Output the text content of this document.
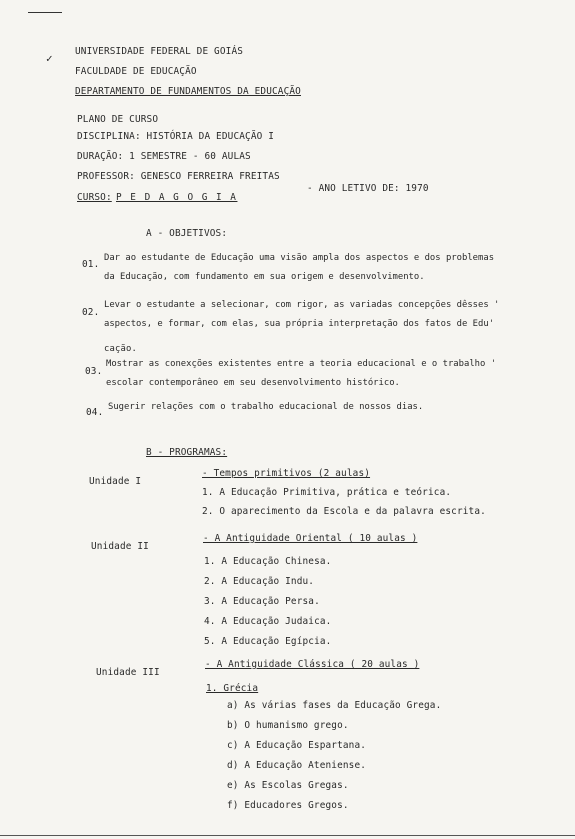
✓
UNIVERSIDADE FEDERAL DE GOIÁS
FACULDADE DE EDUCAÇÃO
DEPARTAMENTO DE FUNDAMENTOS DA EDUCAÇÃO
PLANO DE CURSO
DISCIPLINA: HISTÓRIA DA EDUCAÇÃO I
DURAÇÃO: 1 SEMESTRE - 60 AULAS
PROFESSOR: GENESCO FERREIRA FREITAS
CURSO: P E D A G O G I A
- ANO LETIVO DE: 1970
A - OBJETIVOS:
01.
Dar ao estudante de Educação uma visão ampla dos aspectos e dos problemas
da Educação, com fundamento em sua origem e desenvolvimento.
02.
Levar o estudante a selecionar, com rigor, as variadas concepções dêsses '
aspectos, e formar, com elas, sua própria interpretação dos fatos de Edu'
cação.
03.
Mostrar as conexções existentes entre a teoria educacional e o trabalho '
escolar contemporâneo em seu desenvolvimento histórico.
04. Sugerir relações com o trabalho educacional de nossos dias.
B - PROGRAMAS:
Unidade I
- Tempos primitivos (2 aulas)
1. A Educação Primitiva, prática e teórica.
2. O aparecimento da Escola e da palavra escrita.
Unidade II
- A Antiguidade Oriental ( 10 aulas )
1. A Educação Chinesa.
2. A Educação Indu.
3. A Educação Persa.
4. A Educação Judaica.
5. A Educação Egípcia.
Unidade III
- A Antiguidade Clássica ( 20 aulas )
1. Grécia
a) As várias fases da Educação Grega.
b) O humanismo grego.
c) A Educação Espartana.
d) A Educação Ateniense.
e) As Escolas Gregas.
f) Educadores Gregos.
